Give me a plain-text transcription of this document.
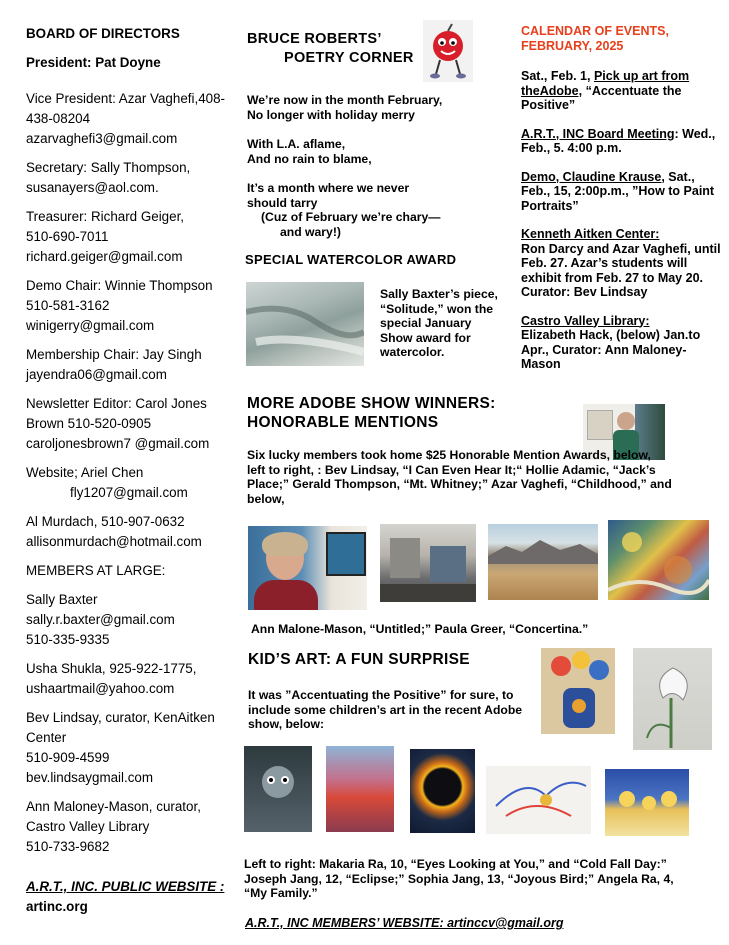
BOARD OF DIRECTORS

President: Pat Doyne

Vice President: Azar Vaghefi,408-438-08204

azarvaghefi3@gmail.com

Secretary: Sally Thompson,

susanayers@aol.com.

Treasurer: Richard Geiger,

510-690-7011

richard.geiger@gmail.com

Demo Chair: Winnie Thompson 510-581-3162

winigerry@gmail.com

Membership Chair: Jay Singh

jayendra06@gmail.com

Newsletter Editor: Carol Jones Brown 510-520-0905

caroljonesbrown7 @gmail.com

Website; Ariel Chen

fly1207@gmail.com

Al Murdach, 510-907-0632

allisonmurdach@hotmail.com

MEMBERS AT LARGE:

Sally Baxter

sally.r.baxter@gmail.com

510-335-9335

Usha Shukla, 925-922-1775,

ushaartmail@yahoo.com

Bev Lindsay, curator, KenAitken Center

510-909-4599

bev.lindsaygmail.com

Ann Maloney-Mason, curator, Castro Valley Library

510-733-9682

A.R.T., INC. PUBLIC WEBSITE :
artinc.org

BRUCE ROBERTS’
POETRY CORNER
We’re now in the month February,
No longer with holiday merry
With L.A. aflame,
And no rain to blame,
It’s a month where we never
should tarry
(Cuz of February we’re chary—
and wary!)
SPECIAL WATERCOLOR AWARD
Sally Baxter’s piece, “Solitude,” won the special January Show award for watercolor.

CALENDAR OF EVENTS,
FEBRUARY, 2025

Sat., Feb. 1, Pick up art from theAdobe, “Accentuate the Positive”

A.R.T., INC Board Meeting: Wed., Feb., 5. 4:00 p.m.

Demo, Claudine Krause, Sat., Feb., 15, 2:00p.m., ”How to Paint Portraits”

Kenneth Aitken Center:
Ron Darcy and Azar Vaghefi, until Feb. 27. Azar’s students will exhibit from Feb. 27 to May 20. Curator: Bev Lindsay

Castro Valley Library:
Elizabeth Hack, (below) Jan.to Apr., Curator: Ann Maloney-Mason

MORE ADOBE SHOW WINNERS:
HONORABLE MENTIONS
Six lucky members took home $25 Honorable Mention Awards, below, left to right, : Bev Lindsay, “I Can Even Hear It;“ Hollie Adamic, “Jack’s Place;” Gerald Thompson, “Mt. Whitney;” Azar Vaghefi, “Childhood,” and below,
Ann Malone-Mason, “Untitled;” Paula Greer, “Concertina.”
KID’S ART: A FUN SURPRISE
It was ”Accentuating the Positive” for sure, to include some children’s art in the recent Adobe show, below:
Left to right: Makaria Ra, 10, “Eyes Looking at You,” and “Cold Fall Day:” Joseph Jang, 12, “Eclipse;” Sophia Jang, 13, “Joyous Bird;” Angela Ra, 4, “My Family.”
A.R.T., INC MEMBERS’ WEBSITE: artinccv@gmail.org
